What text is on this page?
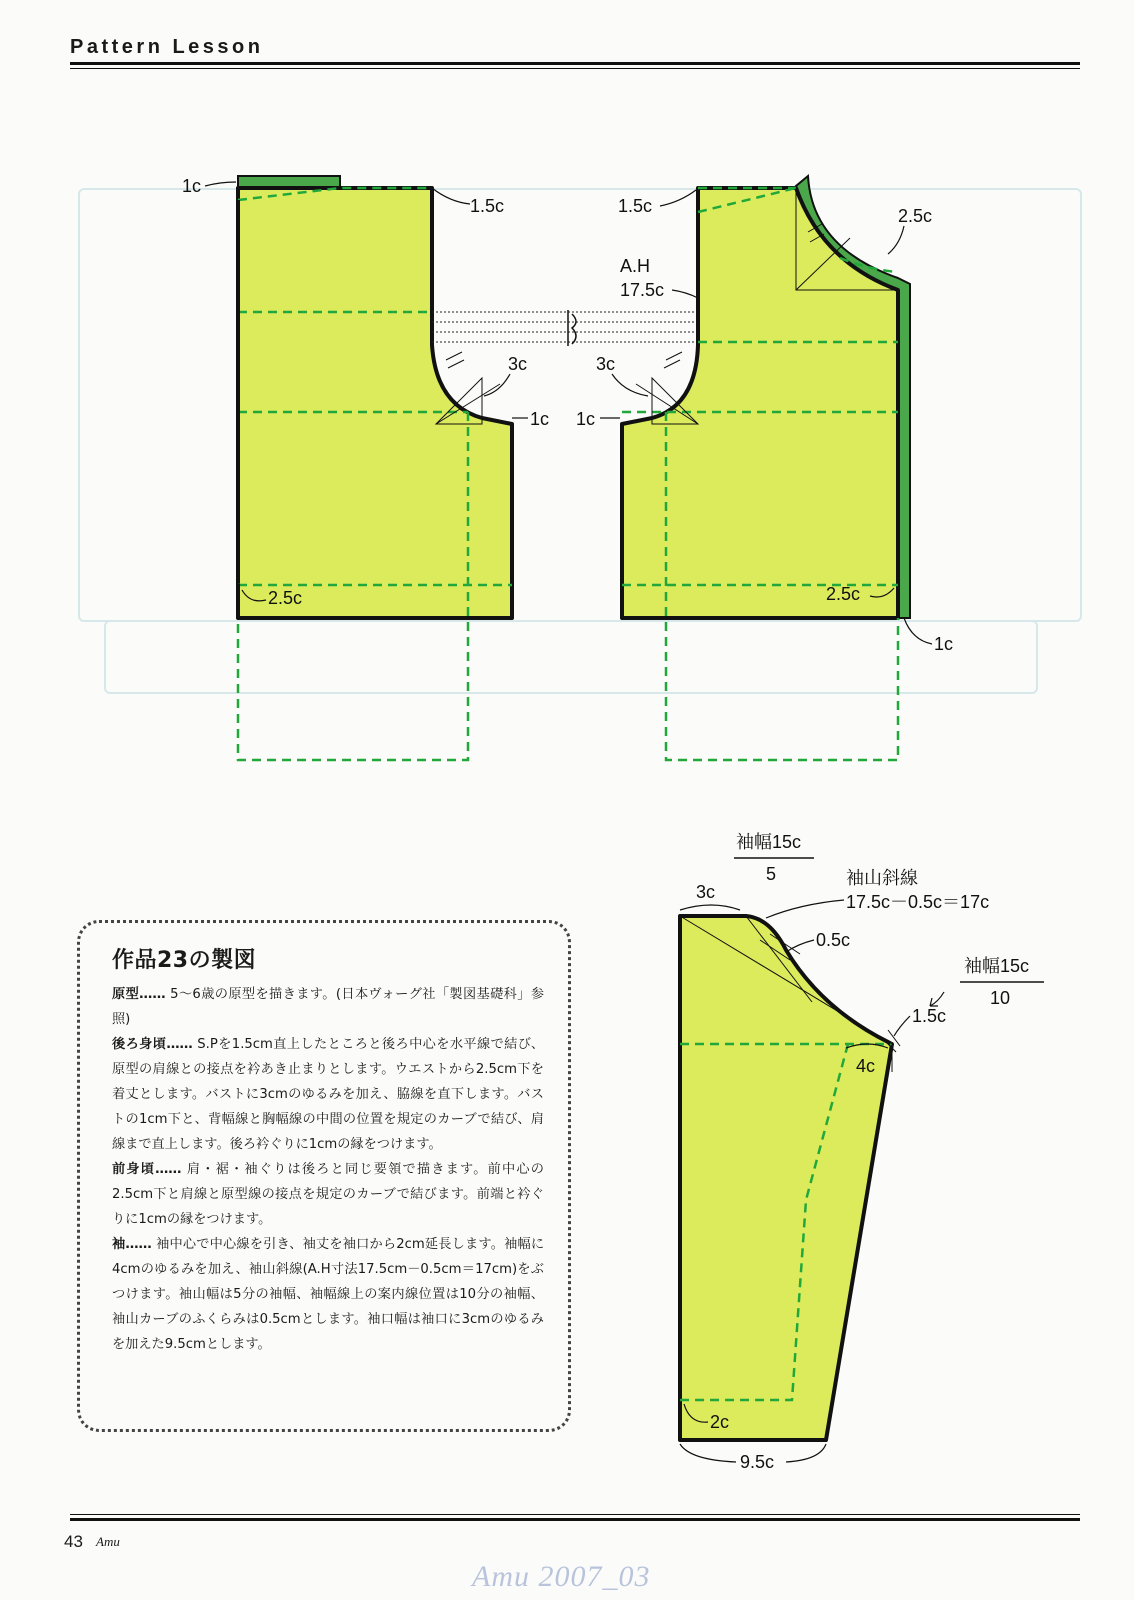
Pattern Lesson
1c
1.5c
3c
1c
2.5c
1.5c
A.H
17.5c
2.5c
3c
1c
2.5c
1c
袖幅15c
5
3c
袖山斜線
17.5c－0.5c＝17c
0.5c
袖幅15c
10
1.5c
4c
2c
9.5c
作品23の製図

原型…… 5～6歳の原型を描きます。(日本ヴォーグ社「製図基礎科」参照)

後ろ身頃…… S.Pを1.5cm直上したところと後ろ中心を水平線で結び、原型の肩線との接点を衿あき止まりとします。ウエストから2.5cm下を着丈とします。バストに3cmのゆるみを加え、脇線を直下します。バストの1cm下と、背幅線と胸幅線の中間の位置を規定のカーブで結び、肩線まで直上します。後ろ衿ぐりに1cmの縁をつけます。

前身頃…… 肩・裾・袖ぐりは後ろと同じ要領で描きます。前中心の2.5cm下と肩線と原型線の接点を規定のカーブで結びます。前端と衿ぐりに1cmの縁をつけます。

袖…… 袖中心で中心線を引き、袖丈を袖口から2cm延長します。袖幅に4cmのゆるみを加え、袖山斜線(A.H寸法17.5cm－0.5cm＝17cm)をぶつけます。袖山幅は5分の袖幅、袖幅線上の案内線位置は10分の袖幅、袖山カーブのふくらみは0.5cmとします。袖口幅は袖口に3cmのゆるみを加えた9.5cmとします。

43 Amu
Amu 2007_03
